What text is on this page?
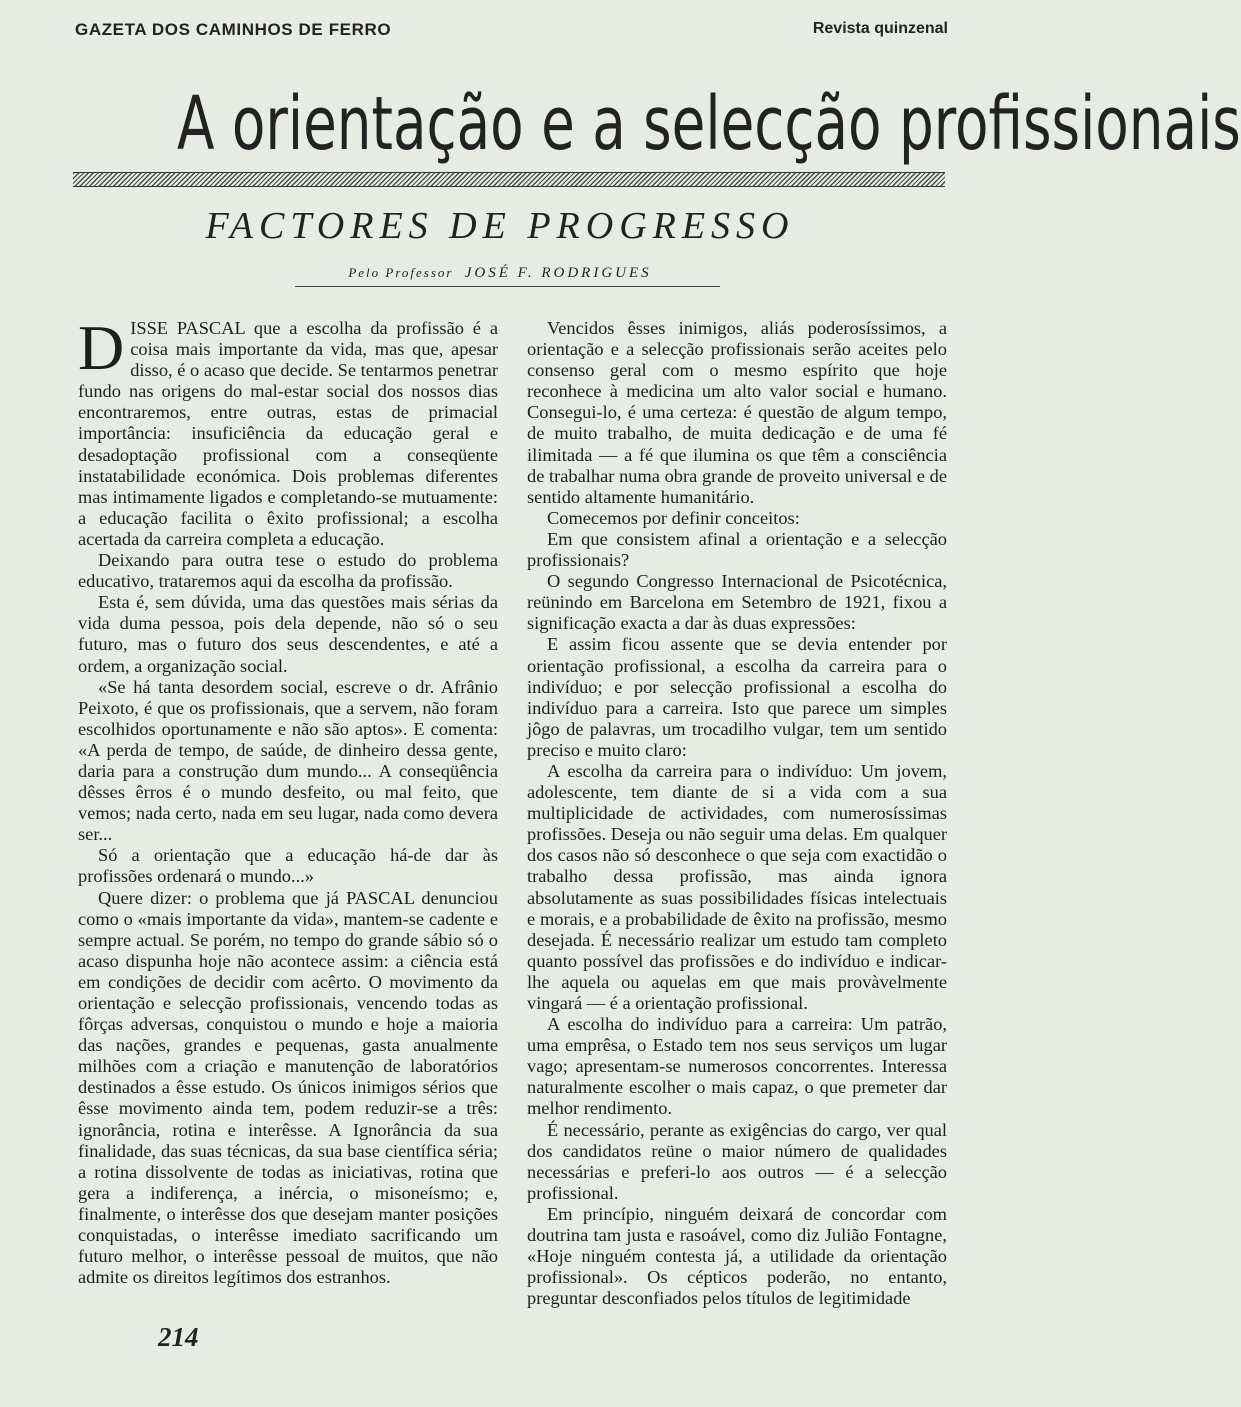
GAZETA DOS CAMINHOS DE FERRO	Revista quinzenal
A orientação e a selecção profissionais
FACTORES DE PROGRESSO
Pelo Professor JOSÉ F. RODRIGUES

DISSE PASCAL que a escolha da profissão é a coisa mais importante da vida, mas que, apesar disso, é o acaso que decide. Se tentarmos penetrar fundo nas origens do mal-estar social dos nossos dias encontraremos, entre outras, estas de primacial importância: insuficiência da educação geral e desadoptação profissional com a conseqüente instatabilidade económica. Dois problemas diferentes mas intimamente ligados e completando-se mutuamente: a educação facilita o êxito profissional; a escolha acertada da carreira completa a educação.

Deixando para outra tese o estudo do problema educativo, trataremos aqui da escolha da profissão.

Esta é, sem dúvida, uma das questões mais sérias da vida duma pessoa, pois dela depende, não só o seu futuro, mas o futuro dos seus descendentes, e até a ordem, a organização social.

«Se há tanta desordem social, escreve o dr. Afrânio Peixoto, é que os profissionais, que a servem, não foram escolhidos oportunamente e não são aptos». E comenta: «A perda de tempo, de saúde, de dinheiro dessa gente, daria para a construção dum mundo... A conseqüência dêsses êrros é o mundo desfeito, ou mal feito, que vemos; nada certo, nada em seu lugar, nada como devera ser...

Só a orientação que a educação há-de dar às profissões ordenará o mundo...»

Quere dizer: o problema que já PASCAL denunciou como o «mais importante da vida», mantem-se cadente e sempre actual. Se porém, no tempo do grande sábio só o acaso dispunha hoje não acontece assim: a ciência está em condições de decidir com acêrto. O movimento da orientação e selecção profissionais, vencendo todas as fôrças adversas, conquistou o mundo e hoje a maioria das nações, grandes e pequenas, gasta anualmente milhões com a criação e manutenção de laboratórios destinados a êsse estudo. Os únicos inimigos sérios que êsse movimento ainda tem, podem reduzir-se a três: ignorância, rotina e interêsse. A Ignorância da sua finalidade, das suas técnicas, da sua base científica séria; a rotina dissolvente de todas as iniciativas, rotina que gera a indiferença, a inércia, o misoneísmo; e, finalmente, o interêsse dos que desejam manter posições conquistadas, o interêsse imediato sacrificando um futuro melhor, o interêsse pessoal de muitos, que não admite os direitos legítimos dos estranhos.

Vencidos êsses inimigos, aliás poderosíssimos, a orientação e a selecção profissionais serão aceites pelo consenso geral com o mesmo espírito que hoje reconhece à medicina um alto valor social e humano. Consegui-lo, é uma certeza: é questão de algum tempo, de muito trabalho, de muita dedicação e de uma fé ilimitada — a fé que ilumina os que têm a consciência de trabalhar numa obra grande de proveito universal e de sentido altamente humanitário.

Comecemos por definir conceitos:

Em que consistem afinal a orientação e a selecção profissionais?

O segundo Congresso Internacional de Psicotécnica, reünindo em Barcelona em Setembro de 1921, fixou a significação exacta a dar às duas expressões:

E assim ficou assente que se devia entender por orientação profissional, a escolha da carreira para o indivíduo; e por selecção profissional a escolha do indivíduo para a carreira. Isto que parece um simples jôgo de palavras, um trocadilho vulgar, tem um sentido preciso e muito claro:

A escolha da carreira para o indivíduo: Um jovem, adolescente, tem diante de si a vida com a sua multiplicidade de actividades, com numerosíssimas profissões. Deseja ou não seguir uma delas. Em qualquer dos casos não só desconhece o que seja com exactidão o trabalho dessa profissão, mas ainda ignora absolutamente as suas possibilidades físicas intelectuais e morais, e a probabilidade de êxito na profissão, mesmo desejada. É necessário realizar um estudo tam completo quanto possível das profissões e do indivíduo e indicar-lhe aquela ou aquelas em que mais provàvelmente vingará — é a orientação profissional.

A escolha do indivíduo para a carreira: Um patrão, uma emprêsa, o Estado tem nos seus serviços um lugar vago; apresentam-se numerosos concorrentes. Interessa naturalmente escolher o mais capaz, o que premeter dar melhor rendimento.

É necessário, perante as exigências do cargo, ver qual dos candidatos reüne o maior número de qualidades necessárias e preferi-lo aos outros — é a selecção profissional.

Em princípio, ninguém deixará de concordar com doutrina tam justa e rasoável, como diz Julião Fontagne, «Hoje ninguém contesta já, a utilidade da orientação profissional». Os cépticos poderão, no entanto, preguntar desconfiados pelos títulos de legitimidade

214
